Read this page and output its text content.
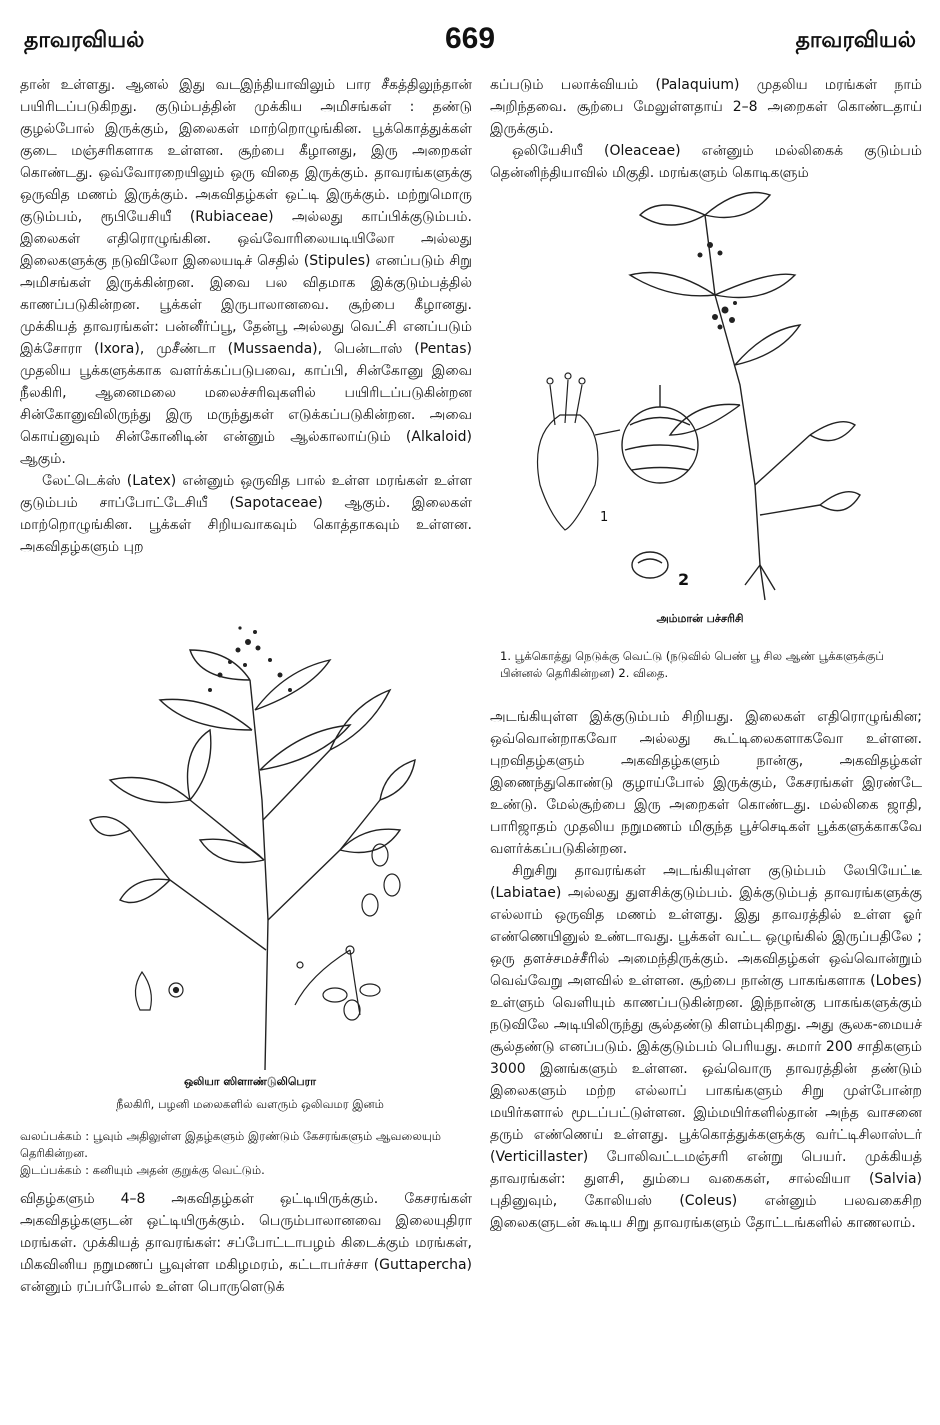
தாவரவியல்	669	தாவரவியல்

தான் உள்ளது. ஆனல் இது வடஇந்தியாவிலும் பார சீகத்திலுந்தான் பயிரிடப்படுகிறது. குடும்பத்தின் முக்கிய அமிசங்கள் : தண்டு குழல்போல் இருக்கும், இலைகள் மாற்றொழுங்கின. பூக்கொத்துக்கள் குடை மஞ்சரிகளாக உள்ளன. சூற்பை கீழானது, இரு அறைகள் கொண்டது. ஒவ்வோரறையிலும் ஒரு விதை இருக்கும். தாவரங்களுக்கு ஒருவித மணம் இருக்கும். அகவிதழ்கள் ஒட்டி இருக்கும். மற்றுமொரு குடும்பம், ரூபியேசியீ (Rubiaceae) அல்லது காப்பிக்குடும்பம். இலைகள் எதிரொழுங்கின. ஒவ்வோரிலையடியிலோ அல்லது இலைகளுக்கு நடுவிலோ இலையடிச் செதில் (Stipules) எனப்படும் சிறு அமிசங்கள் இருக்கின்றன. இவை பல விதமாக இக்குடும்பத்தில் காணப்படுகின்றன. பூக்கள் இருபாலானவை. சூற்பை கீழானது. முக்கியத் தாவரங்கள்: பன்னீர்ப்பூ, தேன்பூ அல்லது வெட்சி எனப்படும் இக்சோரா (Ixora), முசீண்டா (Mussaenda), பென்டாஸ் (Pentas) முதலிய பூக்களுக்காக வளர்க்கப்படுபவை, காப்பி, சின்கோனு இவை நீலகிரி, ஆனைமலை மலைச்சரிவுகளில் பயிரிடப்படுகின்றன சின்கோனுவிலிருந்து இரு மருந்துகள் எடுக்கப்படுகின்றன. அவை கொய்னுவும் சின்கோனிடின் என்னும் ஆல்காலாய்டும் (Alkaloid) ஆகும்.

லேட்டெக்ஸ் (Latex) என்னும் ஒருவித பால் உள்ள மரங்கள் உள்ள குடும்பம் சாப்போட்டேசியீ (Sapotaceae) ஆகும். இலைகள் மாற்றொழுங்கின. பூக்கள் சிறியவாகவும் கொத்தாகவும் உள்ளன. அகவிதழ்களும் புற

ஒலியா ஸிளாண்டுலிபெரா
நீலகிரி, பழனி மலைகளில் வளரும் ஒலிவமர இனம்
வலப்பக்கம் : பூவும் அதிலுள்ள இதழ்களும் இரண்டும் கேசரங்களும் ஆவலையும் தெரிகின்றன.
இடப்பக்கம் : கனியும் அதன் குறுக்கு வெட்டும்.

விதழ்களும் 4–8 அகவிதழ்கள் ஒட்டியிருக்கும். கேசரங்கள் அகவிதழ்களுடன் ஒட்டியிருக்கும். பெரும்பாலானவை இலையுதிரா மரங்கள். முக்கியத் தாவரங்கள்: சப்போட்டாபழம் கிடைக்கும் மரங்கள், மிகவினிய நறுமணப் பூவுள்ள மகிழமரம், கட்டாபர்ச்சா (Guttapercha) என்னும் ரப்பர்போல் உள்ள பொருளெடுக்

கப்படும் பலாக்வியம் (Palaquium) முதலிய மரங்கள் நாம் அறிந்தவை. சூற்பை மேலுள்ளதாய் 2–8 அறைகள் கொண்டதாய் இருக்கும்.

ஒலியேசியீ (Oleaceae) என்னும் மல்லிகைக் குடும்பம் தென்னிந்தியாவில் மிகுதி. மரங்களும் கொடிகளும்

1
2
அம்மான் பச்சரிசி
1. பூக்கொத்து நெடுக்கு வெட்டு (நடுவில் பெண் பூ சில ஆண் பூக்களுக்குப் பின்னல் தெரிகின்றன) 2. விதை.

அடங்கியுள்ள இக்குடும்பம் சிறியது. இலைகள் எதிரொழுங்கின; ஒவ்வொன்றாகவோ அல்லது கூட்டிலைகளாகவோ உள்ளன. புறவிதழ்களும் அகவிதழ்களும் நான்கு, அகவிதழ்கள் இணைந்துகொண்டு குழாய்போல் இருக்கும், கேசரங்கள் இரண்டே உண்டு. மேல்சூற்பை இரு அறைகள் கொண்டது. மல்லிகை ஜாதி, பாரிஜாதம் முதலிய நறுமணம் மிகுந்த பூச்செடிகள் பூக்களுக்காகவே வளர்க்கப்படுகின்றன.

சிறுசிறு தாவரங்கள் அடங்கியுள்ள குடும்பம் லேபியேட்டீ (Labiatae) அல்லது துளசிக்குடும்பம். இக்குடும்பத் தாவரங்களுக்கு எல்லாம் ஒருவித மணம் உள்ளது. இது தாவரத்தில் உள்ள ஓர் எண்ணெயினுல் உண்டாவது. பூக்கள் வட்ட ஒழுங்கில் இருப்பதிலே ; ஒரு தளச்சமச்சீரில் அமைந்திருக்கும். அகவிதழ்கள் ஒவ்வொன்றும் வெவ்வேறு அளவில் உள்ளன. சூற்பை நான்கு பாகங்களாக (Lobes) உள்ளும் வெளியும் காணப்படுகின்றன. இந்நான்கு பாகங்களுக்கும் நடுவிலே அடியிலிருந்து சூல்தண்டு கிளம்புகிறது. அது சூலக-மையச் சூல்தண்டு எனப்படும். இக்குடும்பம் பெரியது. சுமார் 200 சாதிகளும் 3000 இனங்களும் உள்ளன. ஒவ்வொரு தாவரத்தின் தண்டும் இலைகளும் மற்ற எல்லாப் பாகங்களும் சிறு முள்போன்ற மயிர்களால் மூடப்பட்டுள்ளன. இம்மயிர்களில்தான் அந்த வாசனை தரும் எண்ணெய் உள்ளது. பூக்கொத்துக்களுக்கு வர்ட்டிசிலாஸ்டர் (Verticillaster) போலிவட்டமஞ்சரி என்று பெயர். முக்கியத் தாவரங்கள்: துளசி, தும்பை வகைகள், சால்வியா (Salvia) புதினுவும், கோலியஸ் (Coleus) என்னும் பலவகைசிற இலைகளுடன் கூடிய சிறு தாவரங்களும் தோட்டங்களில் காணலாம்.
